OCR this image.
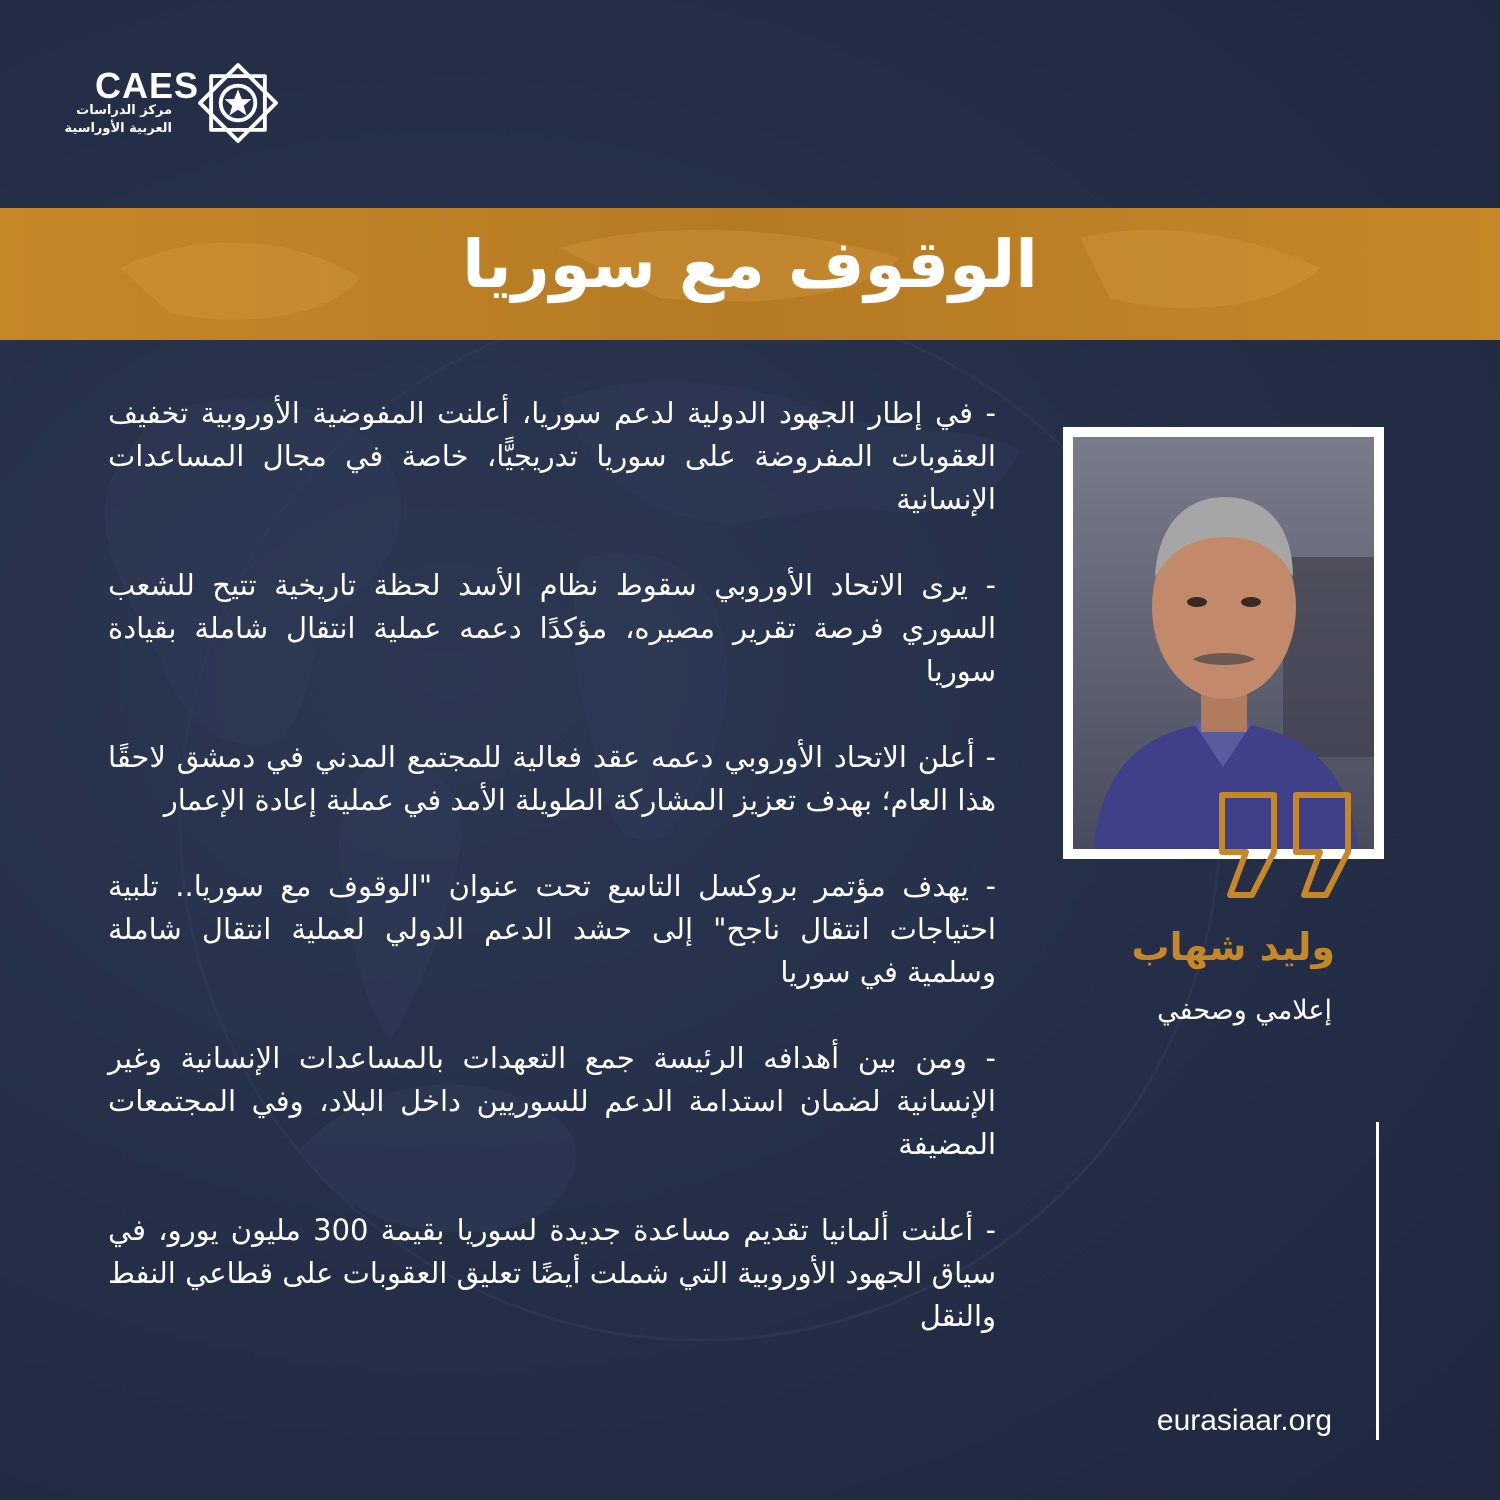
CAES
مركز الدراسات
العربية الأوراسية
الوقوف مع سوريا

- في إطار الجهود الدولية لدعم سوريا، أعلنت المفوضية الأوروبية تخفيف العقوبات المفروضة على سوريا تدريجيًّا، خاصة في مجال المساعدات الإنسانية

- يرى الاتحاد الأوروبي سقوط نظام الأسد لحظة تاريخية تتيح للشعب السوري فرصة تقرير مصيره، مؤكدًا دعمه عملية انتقال شاملة بقيادة سوريا

- أعلن الاتحاد الأوروبي دعمه عقد فعالية للمجتمع المدني في دمشق لاحقًا هذا العام؛ بهدف تعزيز المشاركة الطويلة الأمد في عملية إعادة الإعمار

- يهدف مؤتمر بروكسل التاسع تحت عنوان "الوقوف مع سوريا.. تلبية احتياجات انتقال ناجح" إلى حشد الدعم الدولي لعملية انتقال شاملة وسلمية في سوريا

- ومن بين أهدافه الرئيسة جمع التعهدات بالمساعدات الإنسانية وغير الإنسانية لضمان استدامة الدعم للسوريين داخل البلاد، وفي المجتمعات المضيفة

- أعلنت ألمانيا تقديم مساعدة جديدة لسوريا بقيمة 300 مليون يورو، في سياق الجهود الأوروبية التي شملت أيضًا تعليق العقوبات على قطاعي النفط والنقل

وليد شهاب
إعلامي وصحفي
eurasiaar.org
